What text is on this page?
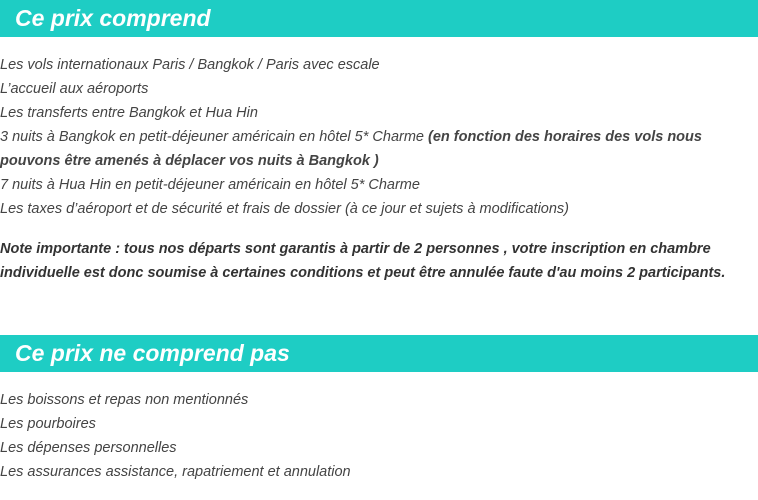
Ce prix comprend
Les vols internationaux Paris / Bangkok / Paris avec escale
L’accueil aux aéroports
Les transferts entre Bangkok et Hua Hin
3 nuits à Bangkok en petit-déjeuner américain en hôtel 5* Charme (en fonction des horaires des vols nous pouvons être amenés à déplacer vos nuits à Bangkok )
7 nuits à Hua Hin en petit-déjeuner américain en hôtel 5* Charme
Les taxes d’aéroport et de sécurité et frais de dossier (à ce jour et sujets à modifications)

Note importante : tous nos départs sont garantis à partir de 2 personnes , votre inscription en chambre individuelle est donc soumise à certaines conditions et peut être annulée faute d'au moins 2 participants.

Ce prix ne comprend pas
Les boissons et repas non mentionnés
Les pourboires
Les dépenses personnelles
Les assurances assistance, rapatriement et annulation
